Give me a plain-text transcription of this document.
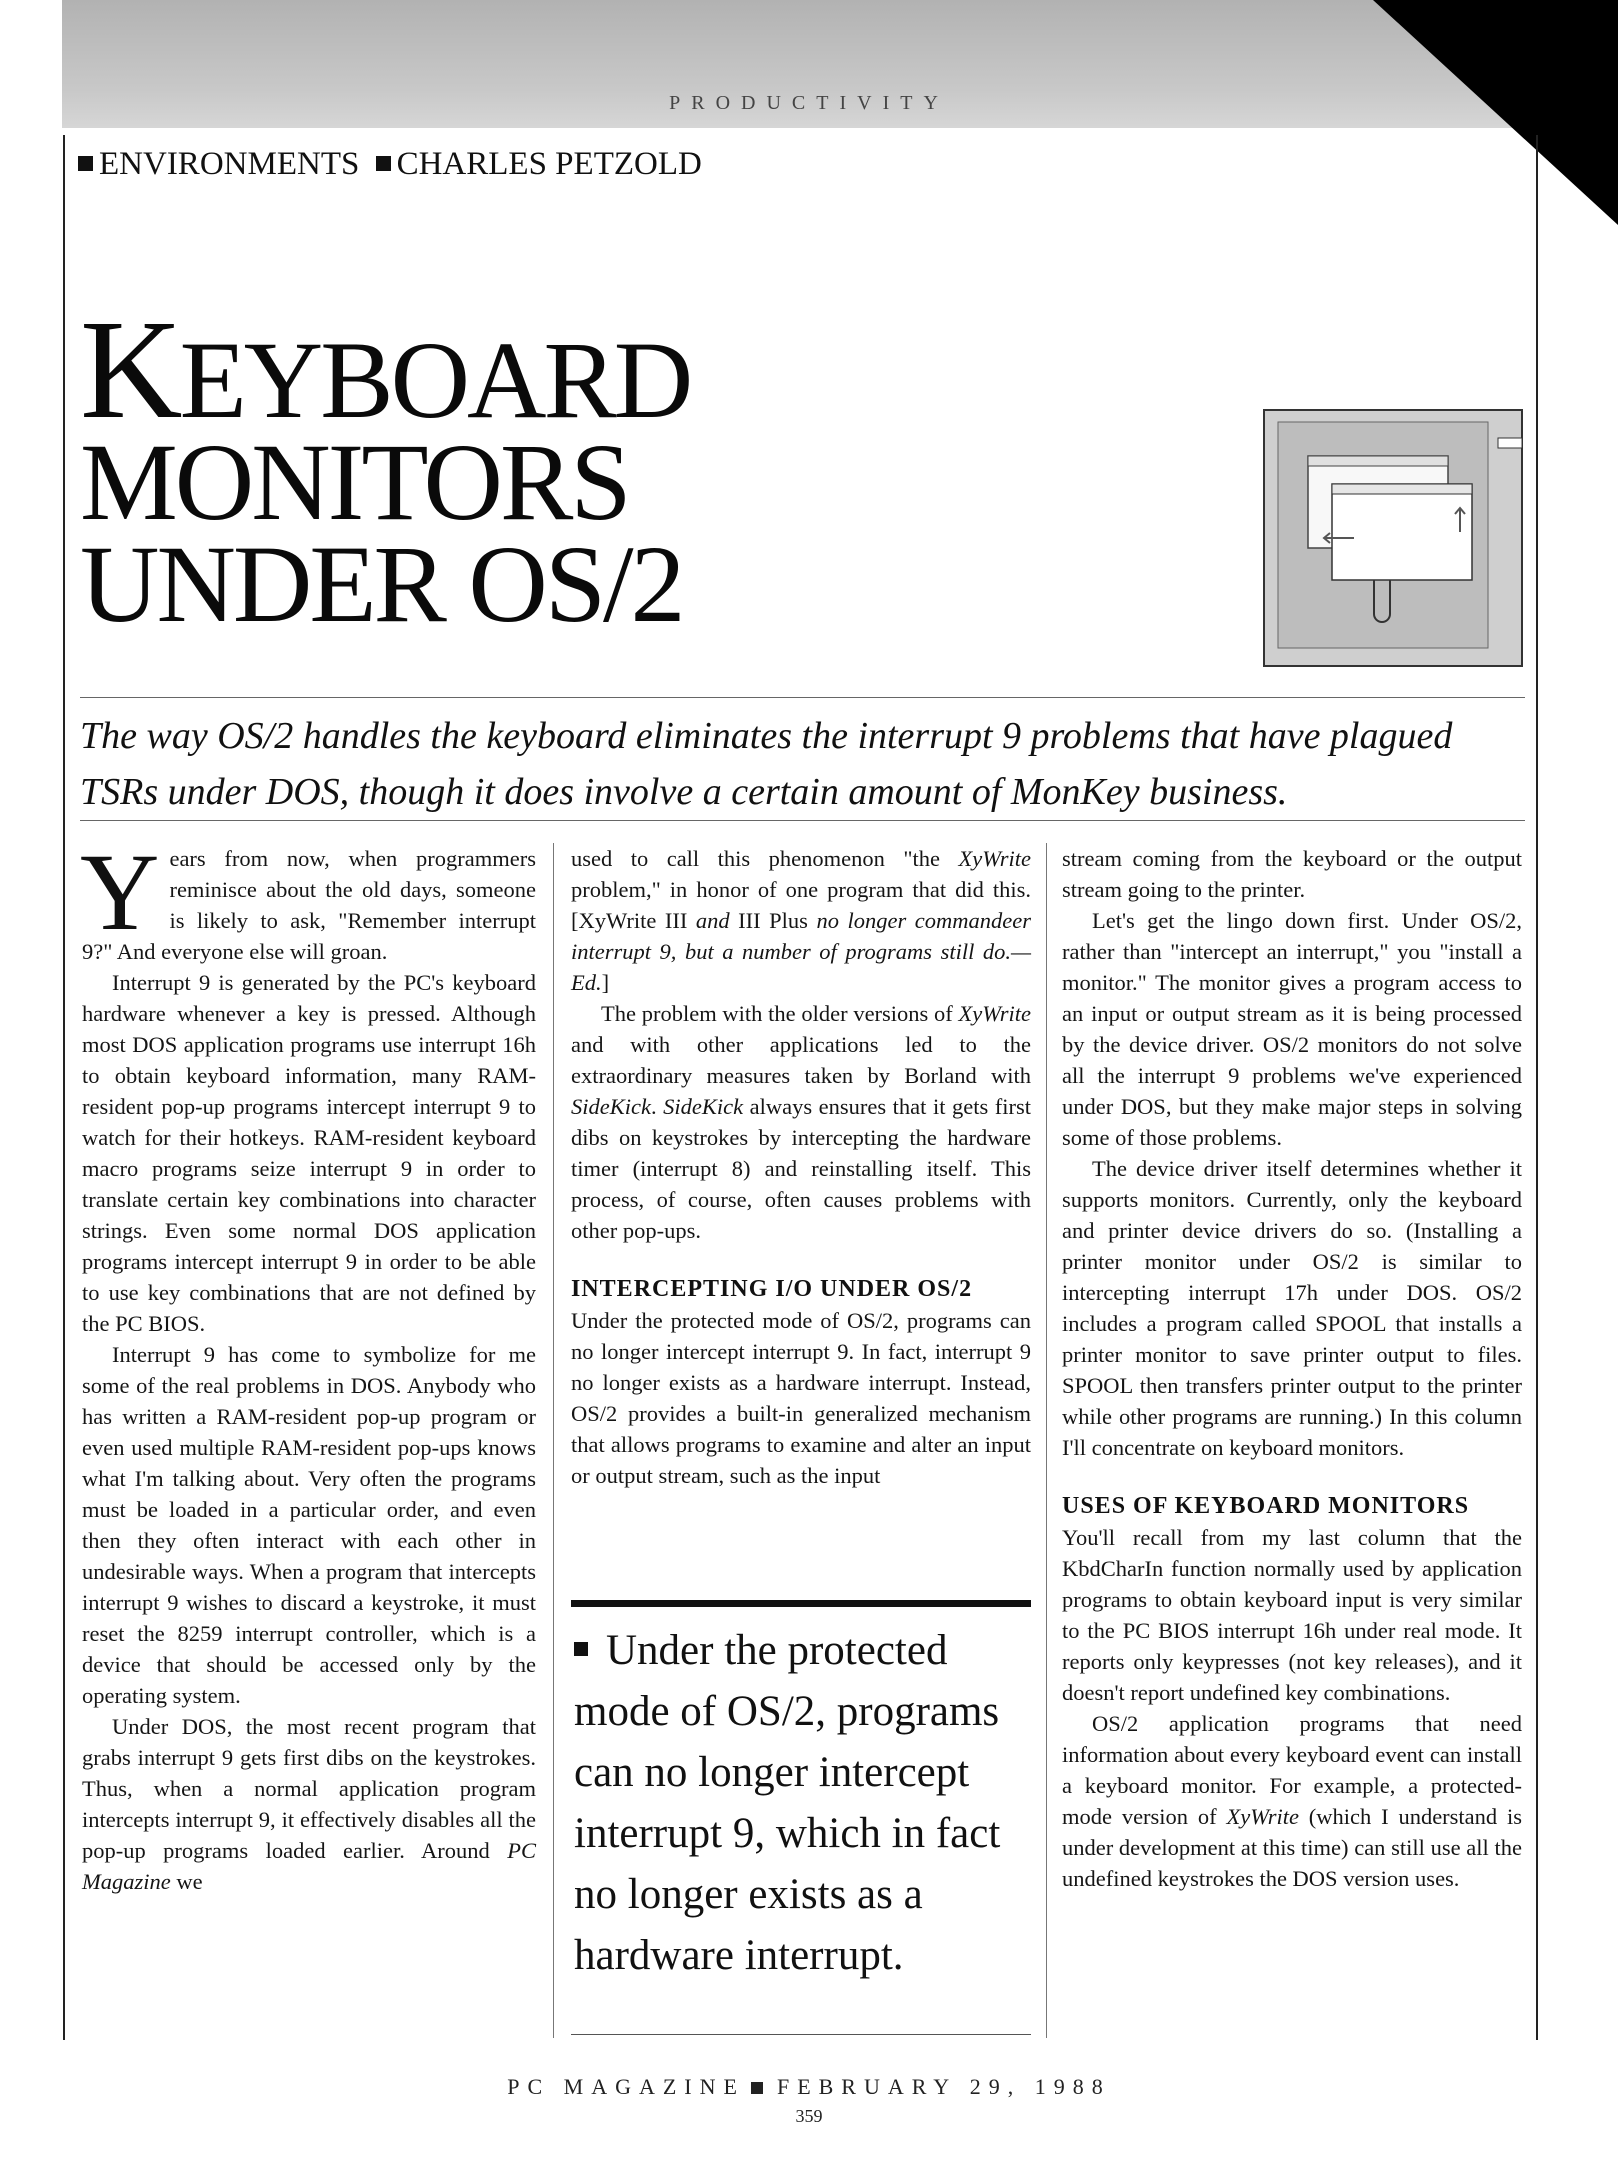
PRODUCTIVITY
ENVIRONMENTS CHARLES PETZOLD
KEYBOARD
MONITORS
UNDER OS/2

The way OS/2 handles the keyboard eliminates the interrupt 9 problems that have plagued TSRs under DOS, though it does involve a certain amount of MonKey business.

Years from now, when programmers reminisce about the old days, someone is likely to ask, "Remember interrupt 9?" And everyone else will groan.

Interrupt 9 is generated by the PC's keyboard hardware whenever a key is pressed. Although most DOS application programs use interrupt 16h to obtain keyboard information, many RAM-resident pop-up programs intercept interrupt 9 to watch for their hotkeys. RAM-resident keyboard macro programs seize interrupt 9 in order to translate certain key combinations into character strings. Even some normal DOS application programs intercept interrupt 9 in order to be able to use key combinations that are not defined by the PC BIOS.

Interrupt 9 has come to symbolize for me some of the real problems in DOS. Anybody who has written a RAM-resident pop-up program or even used multiple RAM-resident pop-ups knows what I'm talking about. Very often the programs must be loaded in a particular order, and even then they often interact with each other in undesirable ways. When a program that intercepts interrupt 9 wishes to discard a keystroke, it must reset the 8259 interrupt controller, which is a device that should be accessed only by the operating system.

Under DOS, the most recent program that grabs interrupt 9 gets first dibs on the keystrokes. Thus, when a normal application program intercepts interrupt 9, it effectively disables all the pop-up programs loaded earlier. Around PC Magazine we

used to call this phenomenon "the XyWrite problem," in honor of one program that did this. [XyWrite III and III Plus no longer commandeer interrupt 9, but a number of programs still do.—Ed.]

The problem with the older versions of XyWrite and with other applications led to the extraordinary measures taken by Borland with SideKick. SideKick always ensures that it gets first dibs on keystrokes by intercepting the hardware timer (interrupt 8) and reinstalling itself. This process, of course, often causes problems with other pop-ups.

INTERCEPTING I/O UNDER OS/2

Under the protected mode of OS/2, programs can no longer intercept interrupt 9. In fact, interrupt 9 no longer exists as a hardware interrupt. Instead, OS/2 provides a built-in generalized mechanism that allows programs to examine and alter an input or output stream, such as the input

Under the protected mode of OS/2, programs can no longer intercept interrupt 9, which in fact no longer exists as a hardware interrupt.

stream coming from the keyboard or the output stream going to the printer.

Let's get the lingo down first. Under OS/2, rather than "intercept an interrupt," you "install a monitor." The monitor gives a program access to an input or output stream as it is being processed by the device driver. OS/2 monitors do not solve all the interrupt 9 problems we've experienced under DOS, but they make major steps in solving some of those problems.

The device driver itself determines whether it supports monitors. Currently, only the keyboard and printer device drivers do so. (Installing a printer monitor under OS/2 is similar to intercepting interrupt 17h under DOS. OS/2 includes a program called SPOOL that installs a printer monitor to save printer output to files. SPOOL then transfers printer output to the printer while other programs are running.) In this column I'll concentrate on keyboard monitors.

USES OF KEYBOARD MONITORS

You'll recall from my last column that the KbdCharIn function normally used by application programs to obtain keyboard input is very similar to the PC BIOS interrupt 16h under real mode. It reports only keypresses (not key releases), and it doesn't report undefined key combinations.

OS/2 application programs that need information about every keyboard event can install a keyboard monitor. For example, a protected-mode version of XyWrite (which I understand is under development at this time) can still use all the undefined keystrokes the DOS version uses.

PC MAGAZINE FEBRUARY 29, 1988
359
